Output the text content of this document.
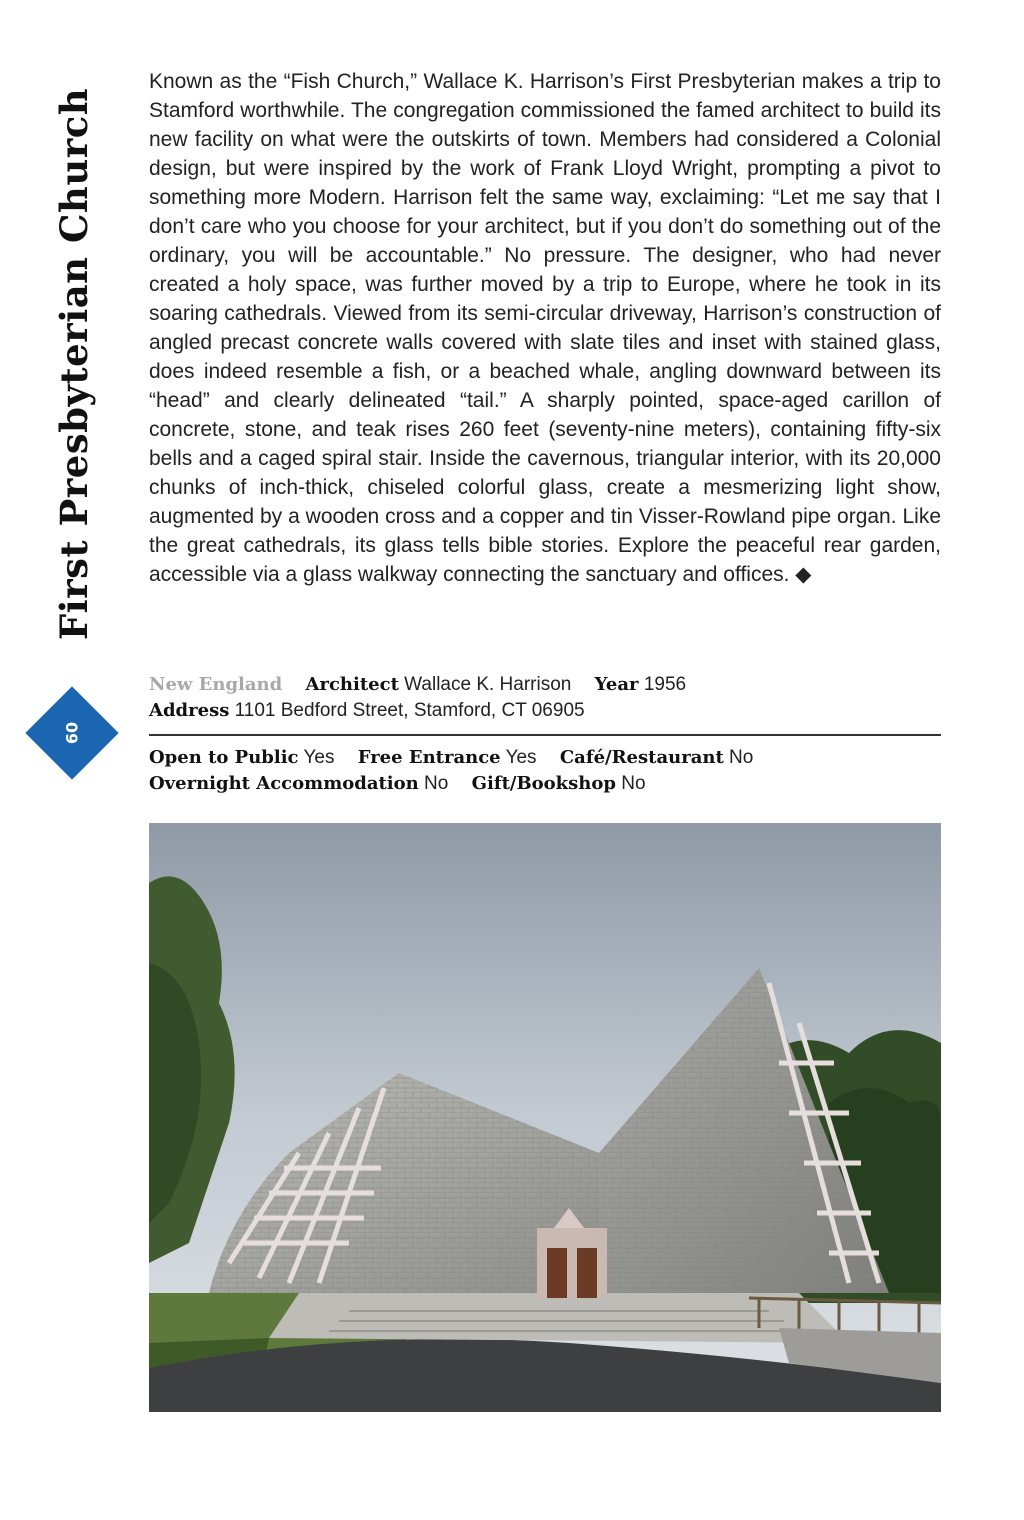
First Presbyterian Church
60

Known as the “Fish Church,” Wallace K. Harrison’s First Presbyterian makes a trip to Stamford worthwhile. The congregation commissioned the famed architect to build its new facility on what were the outskirts of town. Members had considered a Colonial design, but were inspired by the work of Frank Lloyd Wright, prompting a pivot to something more Modern. Harrison felt the same way, exclaiming: “Let me say that I don’t care who you choose for your architect, but if you don’t do something out of the ordinary, you will be accountable.” No pressure. The designer, who had never created a holy space, was further moved by a trip to Europe, where he took in its soaring cathedrals. Viewed from its semi-circular driveway, Harrison’s construction of angled precast concrete walls covered with slate tiles and inset with stained glass, does indeed resemble a fish, or a beached whale, angling downward between its “head” and clearly delineated “tail.” A sharply pointed, space-aged carillon of concrete, stone, and teak rises 260 feet (seventy-nine meters), containing fifty-six bells and a caged spiral stair. Inside the cavernous, triangular interior, with its 20,000 chunks of inch-thick, chiseled colorful glass, create a mesmerizing light show, augmented by a wooden cross and a copper and tin Visser-Rowland pipe organ. Like the great cathedrals, its glass tells bible stories. Explore the peaceful rear garden, accessible via a glass walkway connecting the sanctuary and offices. ◆

New England Architect Wallace K. Harrison Year 1956
Address 1101 Bedford Street, Stamford, CT 06905
Open to Public Yes Free Entrance Yes Café/Restaurant No
Overnight Accommodation No Gift/Bookshop No
